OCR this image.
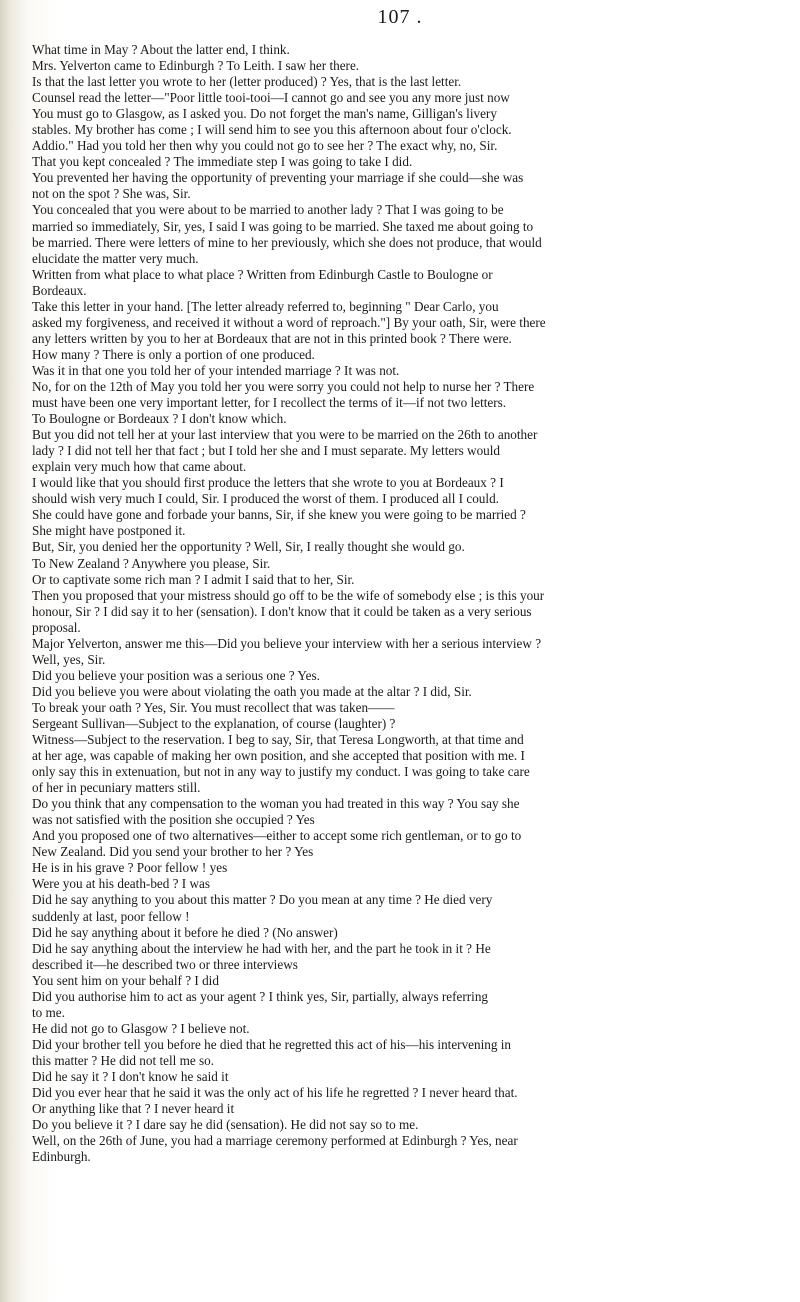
107 .
What time in May ? About the latter end, I think.
Mrs. Yelverton came to Edinburgh ? To Leith. I saw her there.
Is that the last letter you wrote to her (letter produced) ? Yes, that is the last letter.
Counsel read the letter—"Poor little tooi-tooi—I cannot go and see you any more just now
You must go to Glasgow, as I asked you. Do not forget the man's name, Gilligan's livery
stables. My brother has come ; I will send him to see you this afternoon about four o'clock.
Addio." Had you told her then why you could not go to see her ? The exact why, no, Sir.
That you kept concealed ? The immediate step I was going to take I did.
You prevented her having the opportunity of preventing your marriage if she could—she was
not on the spot ? She was, Sir.
You concealed that you were about to be married to another lady ? That I was going to be
married so immediately, Sir, yes, I said I was going to be married. She taxed me about going to
be married. There were letters of mine to her previously, which she does not produce, that would
elucidate the matter very much.
Written from what place to what place ? Written from Edinburgh Castle to Boulogne or
Bordeaux.
Take this letter in your hand. [The letter already referred to, beginning " Dear Carlo, you
asked my forgiveness, and received it without a word of reproach."] By your oath, Sir, were there
any letters written by you to her at Bordeaux that are not in this printed book ? There were.
How many ? There is only a portion of one produced.
Was it in that one you told her of your intended marriage ? It was not.
No, for on the 12th of May you told her you were sorry you could not help to nurse her ? There
must have been one very important letter, for I recollect the terms of it—if not two letters.
To Boulogne or Bordeaux ? I don't know which.
But you did not tell her at your last interview that you were to be married on the 26th to another
lady ? I did not tell her that fact ; but I told her she and I must separate. My letters would
explain very much how that came about.
I would like that you should first produce the letters that she wrote to you at Bordeaux ? I
should wish very much I could, Sir. I produced the worst of them. I produced all I could.
She could have gone and forbade your banns, Sir, if she knew you were going to be married ?
She might have postponed it.
But, Sir, you denied her the opportunity ? Well, Sir, I really thought she would go.
To New Zealand ? Anywhere you please, Sir.
Or to captivate some rich man ? I admit I said that to her, Sir.
Then you proposed that your mistress should go off to be the wife of somebody else ; is this your
honour, Sir ? I did say it to her (sensation). I don't know that it could be taken as a very serious
proposal.
Major Yelverton, answer me this—Did you believe your interview with her a serious interview ?
Well, yes, Sir.
Did you believe your position was a serious one ? Yes.
Did you believe you were about violating the oath you made at the altar ? I did, Sir.
To break your oath ? Yes, Sir. You must recollect that was taken——
Sergeant Sullivan—Subject to the explanation, of course (laughter) ?
Witness—Subject to the reservation. I beg to say, Sir, that Teresa Longworth, at that time and
at her age, was capable of making her own position, and she accepted that position with me. I
only say this in extenuation, but not in any way to justify my conduct. I was going to take care
of her in pecuniary matters still.
Do you think that any compensation to the woman you had treated in this way ? You say she
was not satisfied with the position she occupied ? Yes
And you proposed one of two alternatives—either to accept some rich gentleman, or to go to
New Zealand. Did you send your brother to her ? Yes
He is in his grave ? Poor fellow ! yes
Were you at his death-bed ? I was
Did he say anything to you about this matter ? Do you mean at any time ? He died very
suddenly at last, poor fellow !
Did he say anything about it before he died ? (No answer)
Did he say anything about the interview he had with her, and the part he took in it ? He
described it—he described two or three interviews
You sent him on your behalf ? I did
Did you authorise him to act as your agent ? I think yes, Sir, partially, always referring
to me.
He did not go to Glasgow ? I believe not.
Did your brother tell you before he died that he regretted this act of his—his intervening in
this matter ? He did not tell me so.
Did he say it ? I don't know he said it
Did you ever hear that he said it was the only act of his life he regretted ? I never heard that.
Or anything like that ? I never heard it
Do you believe it ? I dare say he did (sensation). He did not say so to me.
Well, on the 26th of June, you had a marriage ceremony performed at Edinburgh ? Yes, near
Edinburgh.
